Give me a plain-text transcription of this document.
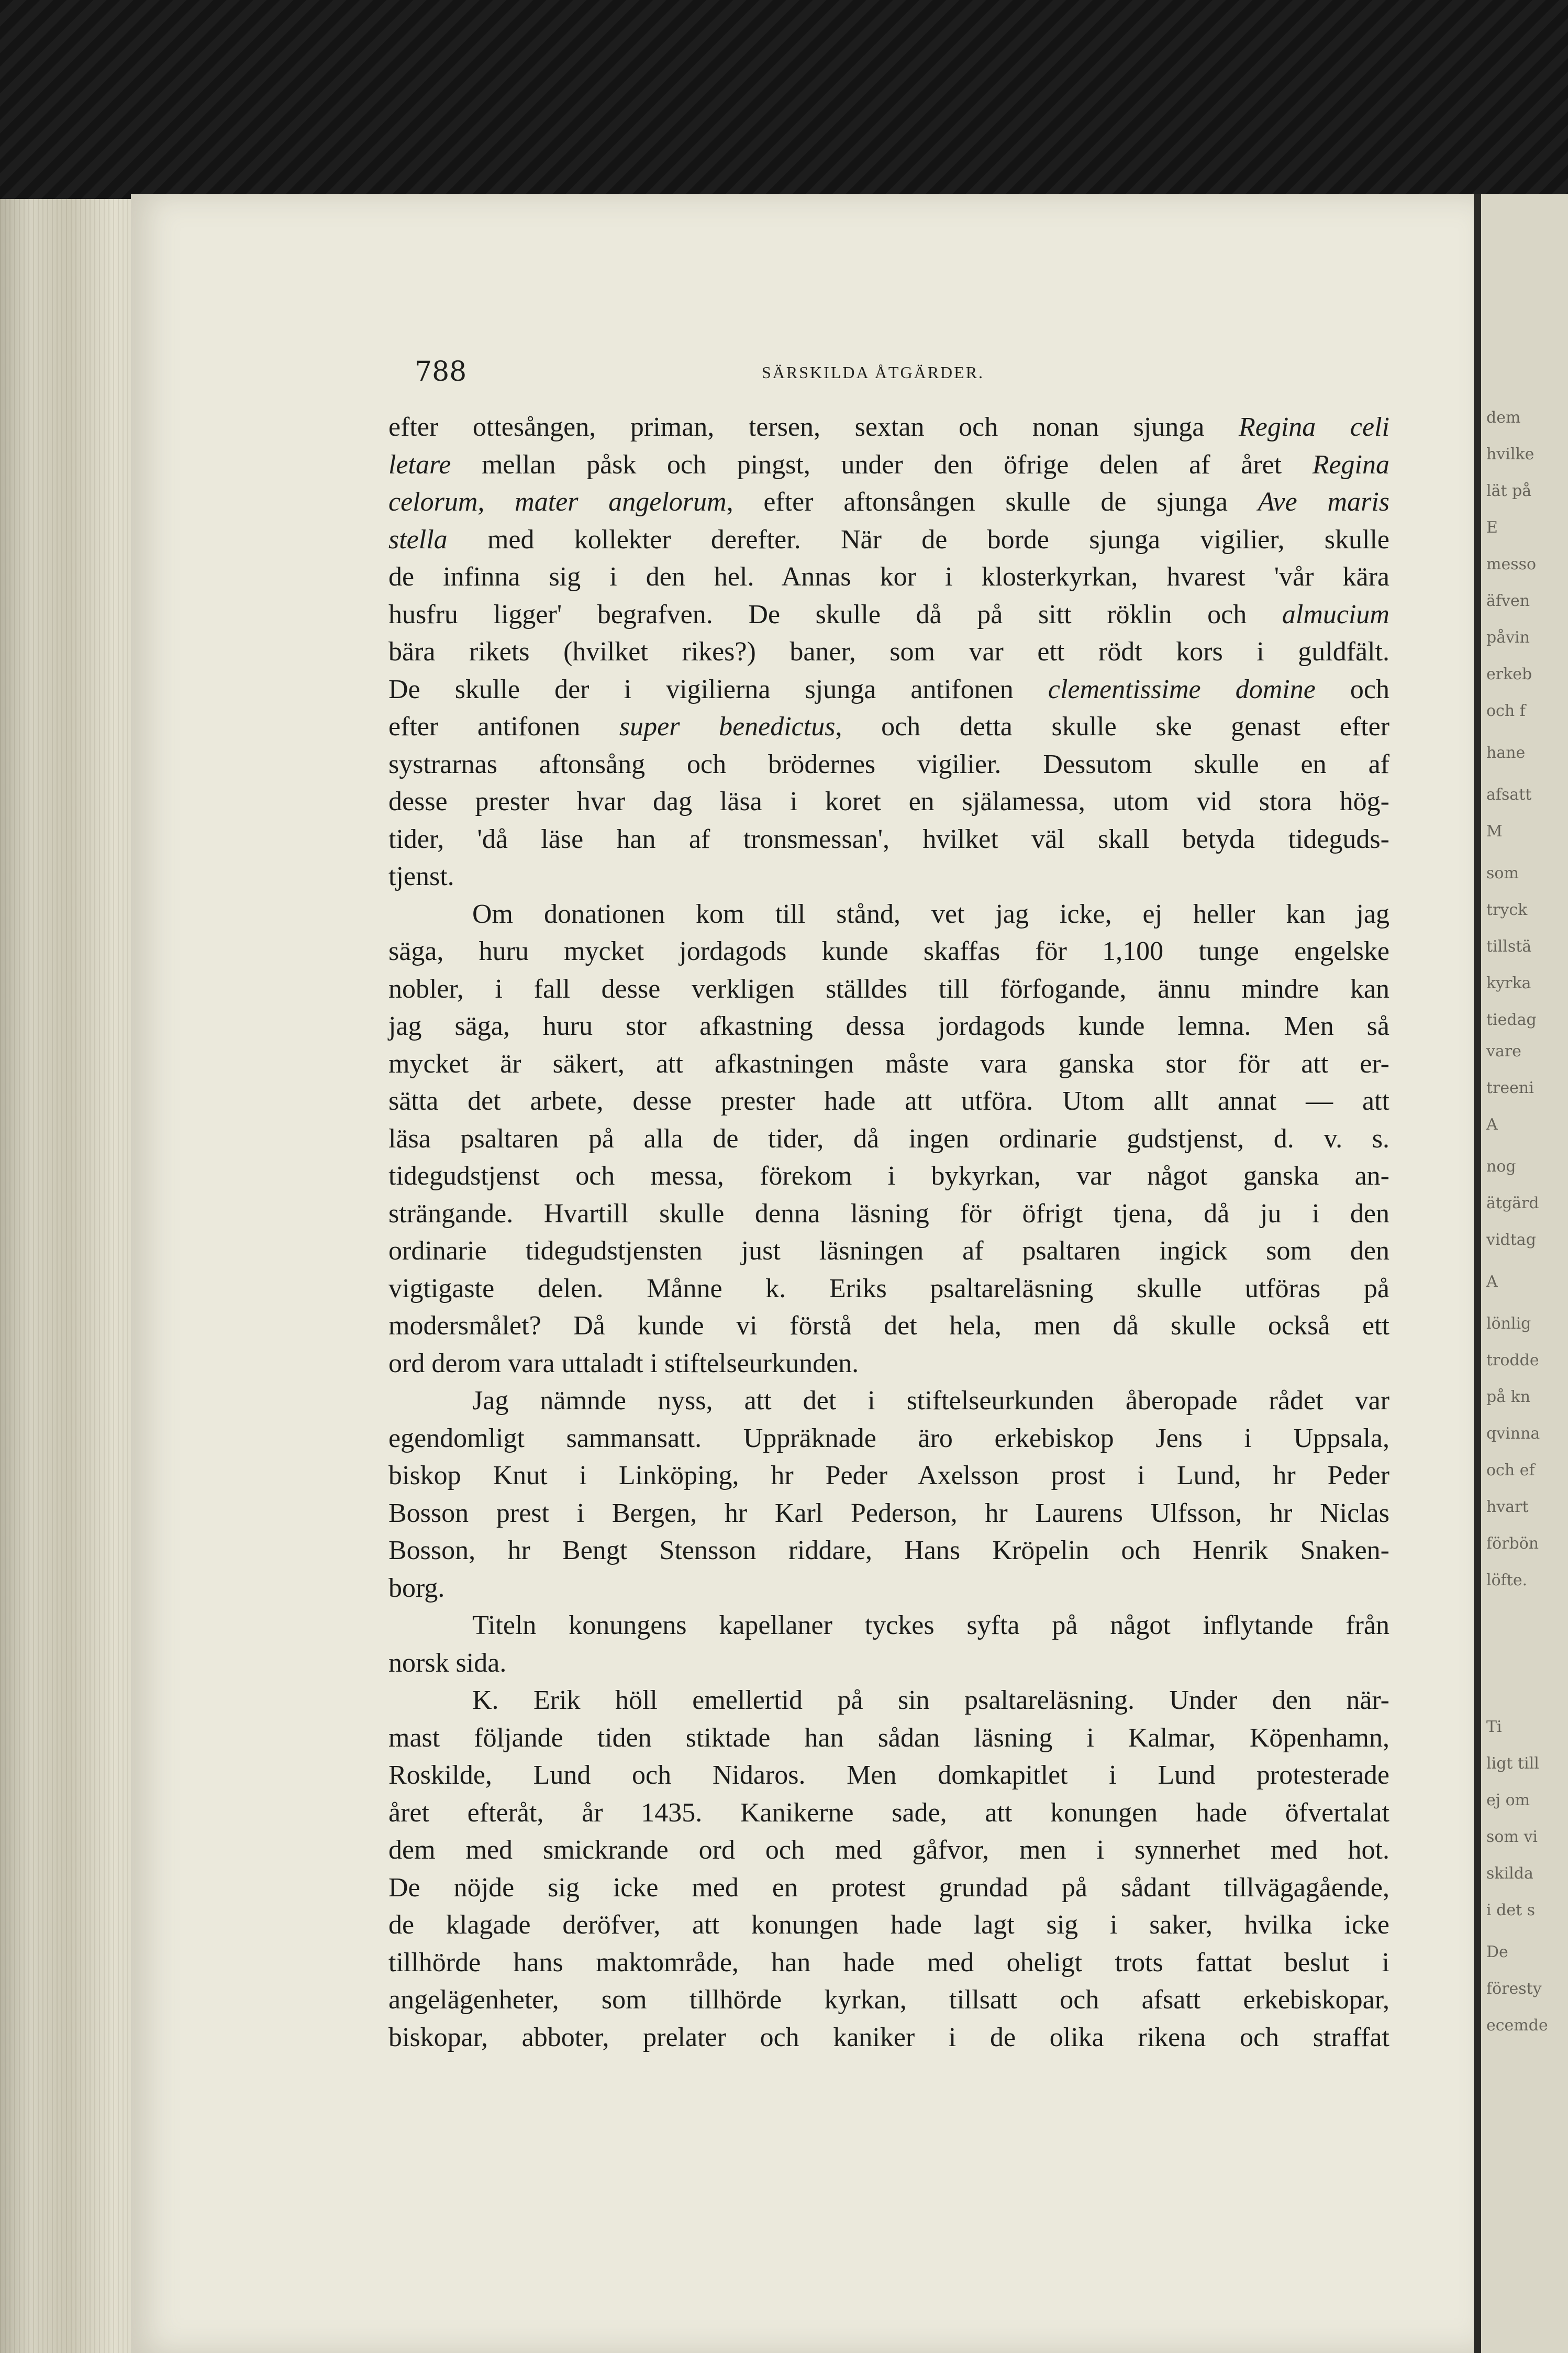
788	SÄRSKILDA ÅTGÄRDER.
efter ottesången, priman, tersen, sextan och nonan sjunga Regina celi
letare mellan påsk och pingst, under den öfrige delen af året Regina
celorum, mater angelorum, efter aftonsången skulle de sjunga Ave maris
stella med kollekter derefter. När de borde sjunga vigilier, skulle
de infinna sig i den hel. Annas kor i klosterkyrkan, hvarest 'vår kära
husfru ligger' begrafven. De skulle då på sitt röklin och almucium
bära rikets (hvilket rikes?) baner, som var ett rödt kors i guldfält.
De skulle der i vigilierna sjunga antifonen clementissime domine och
efter antifonen super benedictus, och detta skulle ske genast efter
systrarnas aftonsång och brödernes vigilier. Dessutom skulle en af
desse prester hvar dag läsa i koret en själamessa, utom vid stora hög-
tider, 'då läse han af tronsmessan', hvilket väl skall betyda tideguds-
tjenst.
Om donationen kom till stånd, vet jag icke, ej heller kan jag
säga, huru mycket jordagods kunde skaffas för 1,100 tunge engelske
nobler, i fall desse verkligen ställdes till förfogande, ännu mindre kan
jag säga, huru stor afkastning dessa jordagods kunde lemna. Men så
mycket är säkert, att afkastningen måste vara ganska stor för att er-
sätta det arbete, desse prester hade att utföra. Utom allt annat — att
läsa psaltaren på alla de tider, då ingen ordinarie gudstjenst, d. v. s.
tidegudstjenst och messa, förekom i bykyrkan, var något ganska an-
strängande. Hvartill skulle denna läsning för öfrigt tjena, då ju i den
ordinarie tidegudstjensten just läsningen af psaltaren ingick som den
vigtigaste delen. Månne k. Eriks psaltareläsning skulle utföras på
modersmålet? Då kunde vi förstå det hela, men då skulle också ett
ord derom vara uttaladt i stiftelseurkunden.
Jag nämnde nyss, att det i stiftelseurkunden åberopade rådet var
egendomligt sammansatt. Uppräknade äro erkebiskop Jens i Uppsala,
biskop Knut i Linköping, hr Peder Axelsson prost i Lund, hr Peder
Bosson prest i Bergen, hr Karl Pederson, hr Laurens Ulfsson, hr Niclas
Bosson, hr Bengt Stensson riddare, Hans Kröpelin och Henrik Snaken-
borg.
Titeln konungens kapellaner tyckes syfta på något inflytande från
norsk sida.
K. Erik höll emellertid på sin psaltareläsning. Under den när-
mast följande tiden stiktade han sådan läsning i Kalmar, Köpenhamn,
Roskilde, Lund och Nidaros. Men domkapitlet i Lund protesterade
året efteråt, år 1435. Kanikerne sade, att konungen hade öfvertalat
dem med smickrande ord och med gåfvor, men i synnerhet med hot.
De nöjde sig icke med en protest grundad på sådant tillvägagående,
de klagade deröfver, att konungen hade lagt sig i saker, hvilka icke
tillhörde hans maktområde, han hade med oheligt trots fattat beslut i
angelägenheter, som tillhörde kyrkan, tillsatt och afsatt erkebiskopar,
biskopar, abboter, prelater och kaniker i de olika rikena och straffat
dem
hvilke
lät på
E
messo
äfven
påvin
erkeb
och f
hane
afsatt
M
som
tryck
tillstä
kyrka
tiedag
vare
treeni
A
nog
ätgärd
vidtag
A
lönlig
trodde
på kn
qvinna
och ef
hvart
förbön
löfte.
Ti
ligt till
ej om
som vi
skilda
i det s
De
föresty
ecemde
